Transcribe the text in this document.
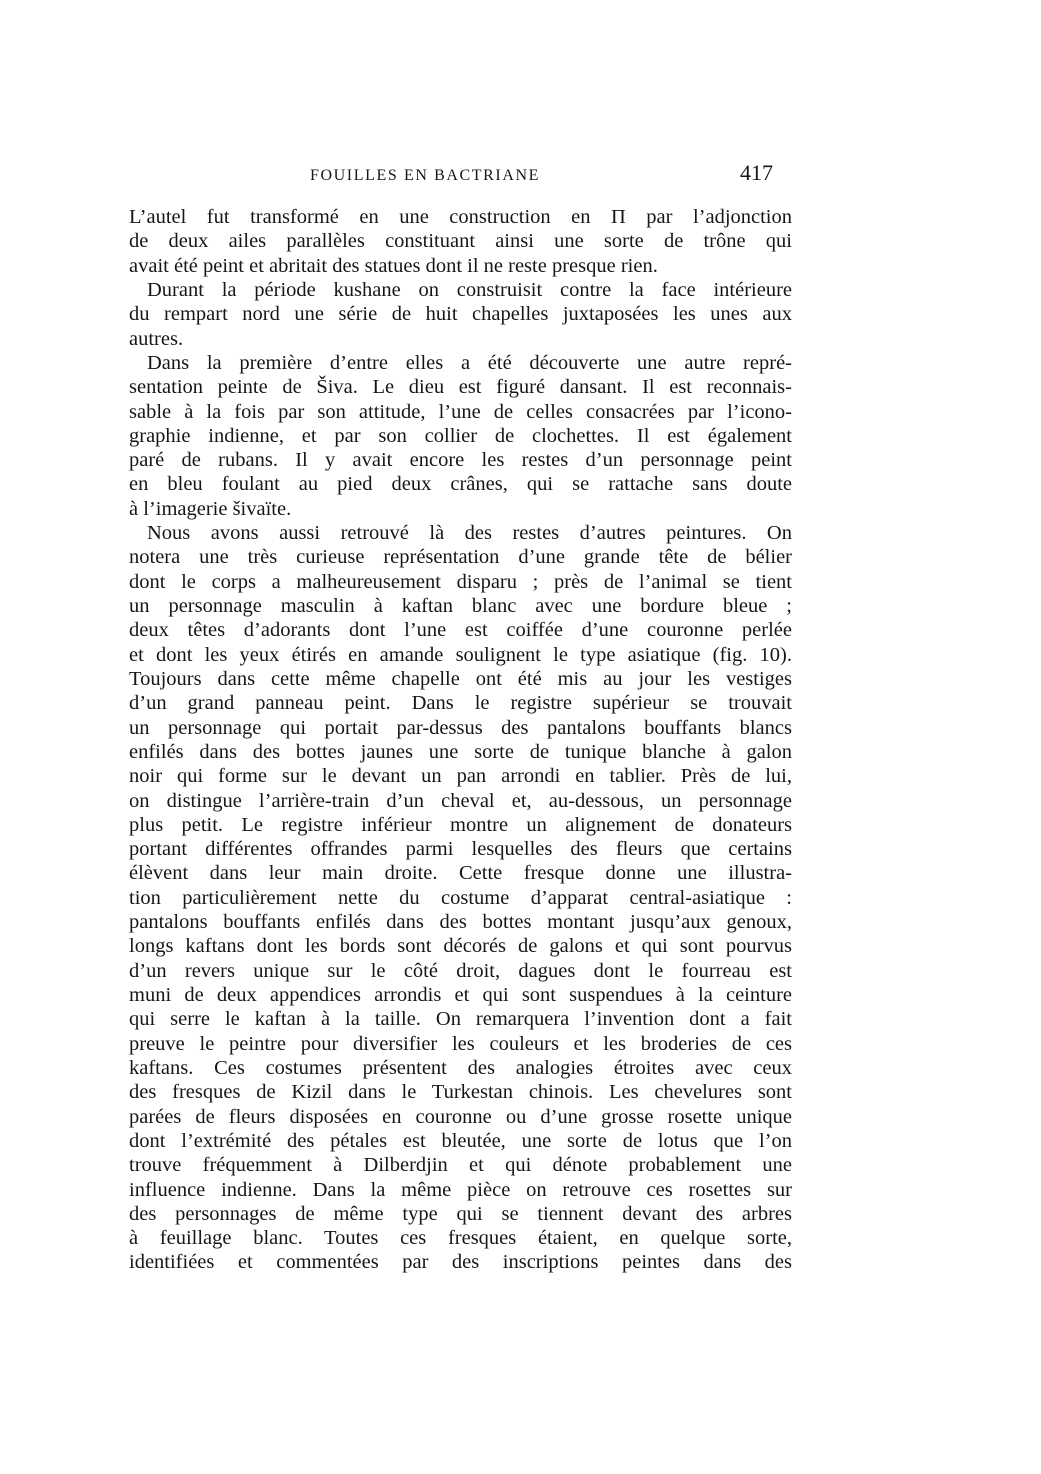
FOUILLES EN BACTRIANE	417
L’autel fut transformé en une construction en Π par l’adjonction
de deux ailes parallèles constituant ainsi une sorte de trône qui
avait été peint et abritait des statues dont il ne reste presque rien.
Durant la période kushane on construisit contre la face intérieure
du rempart nord une série de huit chapelles juxtaposées les unes aux
autres.
Dans la première d’entre elles a été découverte une autre repré-
sentation peinte de Šiva. Le dieu est figuré dansant. Il est reconnais-
sable à la fois par son attitude, l’une de celles consacrées par l’icono-
graphie indienne, et par son collier de clochettes. Il est également
paré de rubans. Il y avait encore les restes d’un personnage peint
en bleu foulant au pied deux crânes, qui se rattache sans doute
à l’imagerie šivaïte.
Nous avons aussi retrouvé là des restes d’autres peintures. On
notera une très curieuse représentation d’une grande tête de bélier
dont le corps a malheureusement disparu ; près de l’animal se tient
un personnage masculin à kaftan blanc avec une bordure bleue ;
deux têtes d’adorants dont l’une est coiffée d’une couronne perlée
et dont les yeux étirés en amande soulignent le type asiatique (fig. 10).
Toujours dans cette même chapelle ont été mis au jour les vestiges
d’un grand panneau peint. Dans le registre supérieur se trouvait
un personnage qui portait par-dessus des pantalons bouffants blancs
enfilés dans des bottes jaunes une sorte de tunique blanche à galon
noir qui forme sur le devant un pan arrondi en tablier. Près de lui,
on distingue l’arrière-train d’un cheval et, au-dessous, un personnage
plus petit. Le registre inférieur montre un alignement de donateurs
portant différentes offrandes parmi lesquelles des fleurs que certains
élèvent dans leur main droite. Cette fresque donne une illustra-
tion particulièrement nette du costume d’apparat central-asiatique :
pantalons bouffants enfilés dans des bottes montant jusqu’aux genoux,
longs kaftans dont les bords sont décorés de galons et qui sont pourvus
d’un revers unique sur le côté droit, dagues dont le fourreau est
muni de deux appendices arrondis et qui sont suspendues à la ceinture
qui serre le kaftan à la taille. On remarquera l’invention dont a fait
preuve le peintre pour diversifier les couleurs et les broderies de ces
kaftans. Ces costumes présentent des analogies étroites avec ceux
des fresques de Kizil dans le Turkestan chinois. Les chevelures sont
parées de fleurs disposées en couronne ou d’une grosse rosette unique
dont l’extrémité des pétales est bleutée, une sorte de lotus que l’on
trouve fréquemment à Dilberdjin et qui dénote probablement une
influence indienne. Dans la même pièce on retrouve ces rosettes sur
des personnages de même type qui se tiennent devant des arbres
à feuillage blanc. Toutes ces fresques étaient, en quelque sorte,
identifiées et commentées par des inscriptions peintes dans des
